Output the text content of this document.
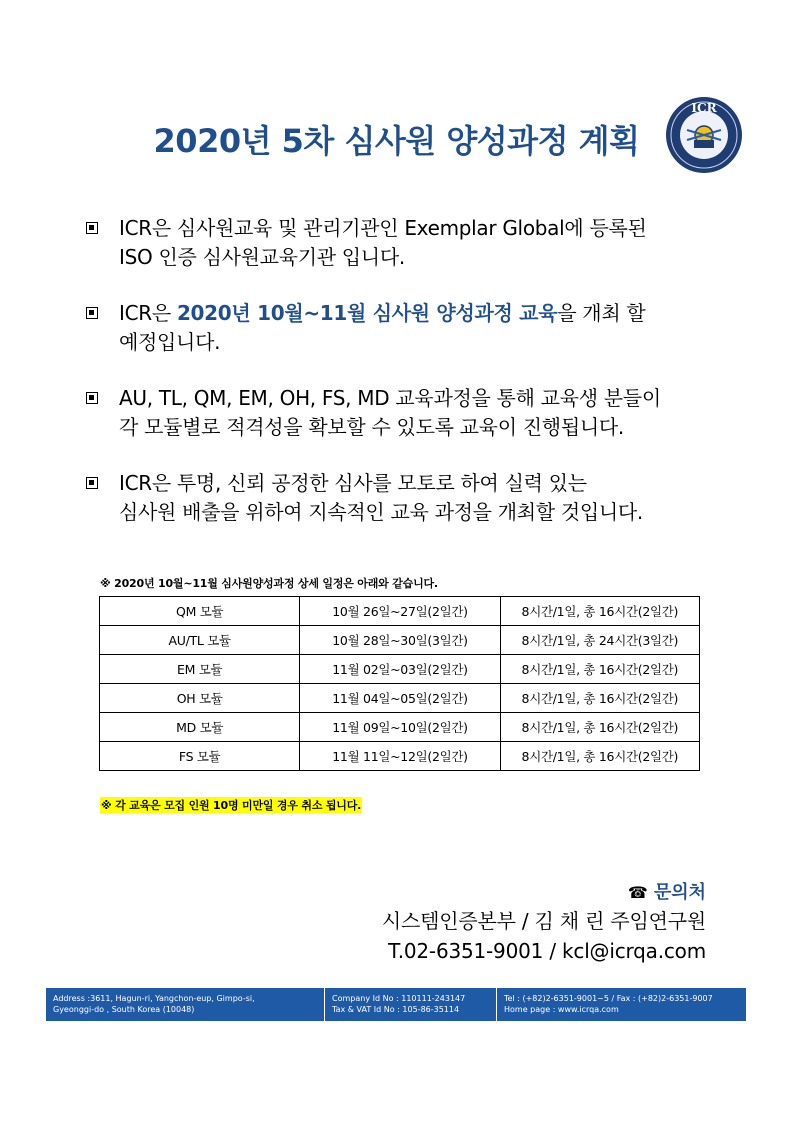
2020년 5차 심사원 양성과정 계획
ICR
ICR은 심사원교육 및 관리기관인 Exemplar Global에 등록된
ISO 인증 심사원교육기관 입니다.
ICR은 2020년 10월~11월 심사원 양성과정 교육을 개최 할
예정입니다.
AU, TL, QM, EM, OH, FS, MD 교육과정을 통해 교육생 분들이
각 모듈별로 적격성을 확보할 수 있도록 교육이 진행됩니다.
ICR은 투명, 신뢰 공정한 심사를 모토로 하여 실력 있는
심사원 배출을 위하여 지속적인 교육 과정을 개최할 것입니다.
※ 2020년 10월~11월 심사원양성과정 상세 일정은 아래와 같습니다.
QM 모듈	10월 26일~27일(2일간)	8시간/1일, 총 16시간(2일간)
AU/TL 모듈	10월 28일~30일(3일간)	8시간/1일, 총 24시간(3일간)
EM 모듈	11월 02일~03일(2일간)	8시간/1일, 총 16시간(2일간)
OH 모듈	11월 04일~05일(2일간)	8시간/1일, 총 16시간(2일간)
MD 모듈	11월 09일~10일(2일간)	8시간/1일, 총 16시간(2일간)
FS 모듈	11월 11일~12일(2일간)	8시간/1일, 총 16시간(2일간)
※ 각 교육은 모집 인원 10명 미만일 경우 취소 됩니다.
☎ 문의처
시스템인증본부 / 김 채 린 주임연구원
T.02-6351-9001 / kcl@icrqa.com
Address :3611, Hagun-ri, Yangchon-eup, Gimpo-si,
Gyeonggi-do , South Korea (10048)
Company Id No : 110111-243147
Tax & VAT Id No : 105-86-35114
Tel : (+82)2-6351-9001~5 / Fax : (+82)2-6351-9007
Home page : www.icrqa.com
